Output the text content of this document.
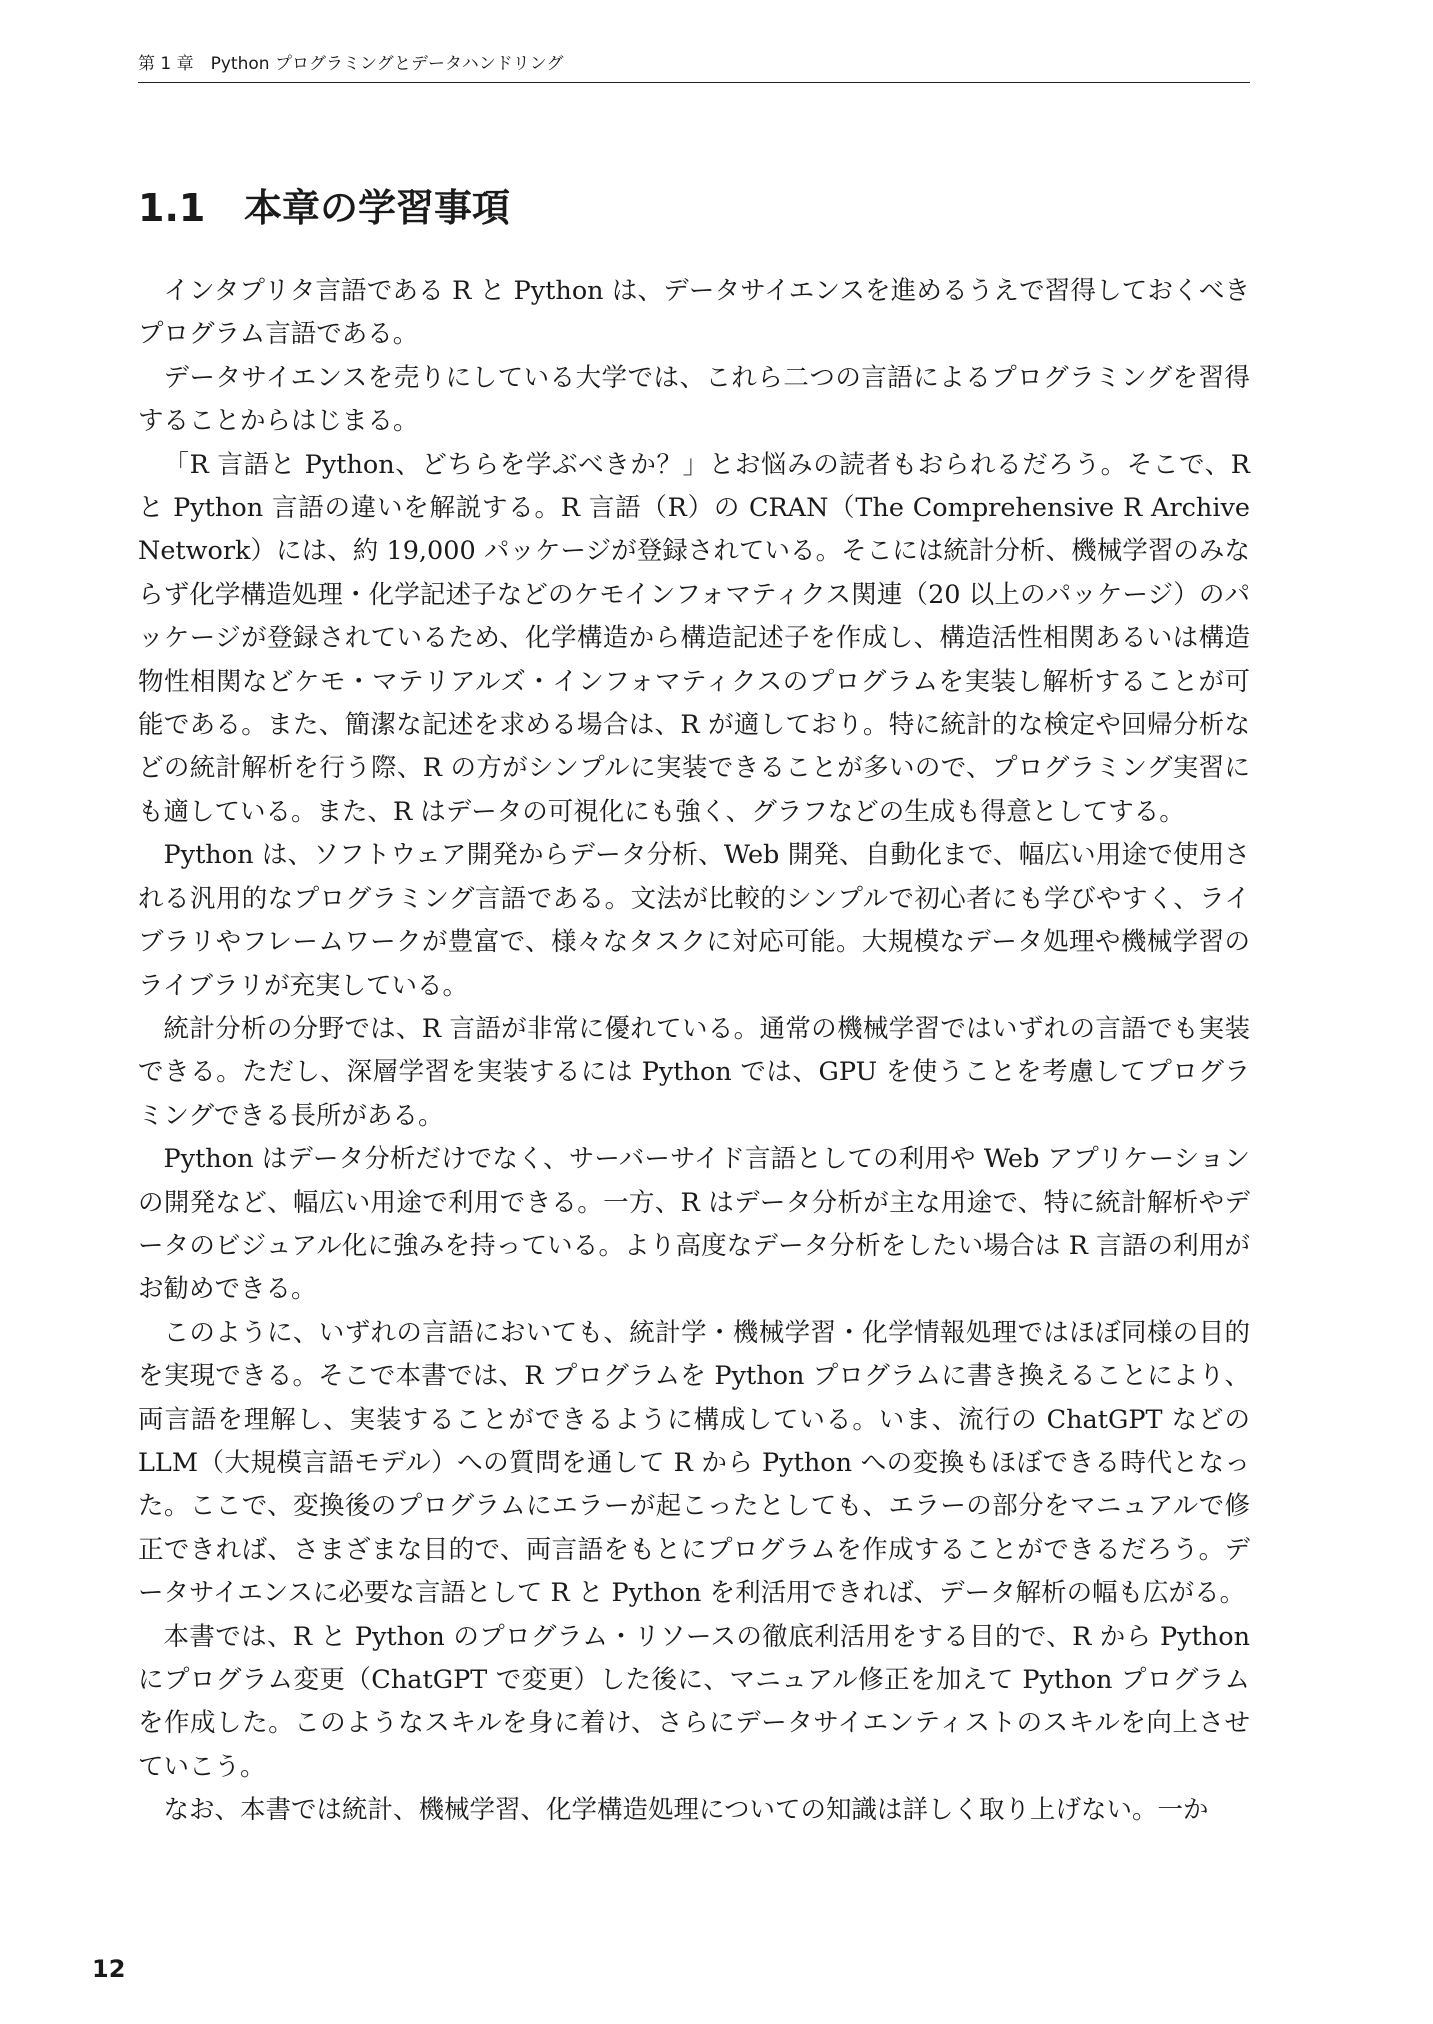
第 1 章　Python プログラミングとデータハンドリング
1.1 本章の学習事項

インタプリタ言語である R と Python は、データサイエンスを進めるうえで習得しておくべきプログラム言語である。

データサイエンスを売りにしている大学では、これら二つの言語によるプログラミングを習得することからはじまる。

「R 言語と Python、どちらを学ぶべきか？」とお悩みの読者もおられるだろう。そこで、R と Python 言語の違いを解説する。R 言語（R）の CRAN（The Comprehensive R Archive Network）には、約 19,000 パッケージが登録されている。そこには統計分析、機械学習のみならず化学構造処理・化学記述子などのケモインフォマティクス関連（20 以上のパッケージ）のパッケージが登録されているため、化学構造から構造記述子を作成し、構造活性相関あるいは構造物性相関などケモ・マテリアルズ・インフォマティクスのプログラムを実装し解析することが可能である。また、簡潔な記述を求める場合は、R が適しており。特に統計的な検定や回帰分析などの統計解析を行う際、R の方がシンプルに実装できることが多いので、プログラミング実習にも適している。また、R はデータの可視化にも強く、グラフなどの生成も得意としてする。

Python は、ソフトウェア開発からデータ分析、Web 開発、自動化まで、幅広い用途で使用される汎用的なプログラミング言語である。文法が比較的シンプルで初心者にも学びやすく、ライブラリやフレームワークが豊富で、様々なタスクに対応可能。大規模なデータ処理や機械学習のライブラリが充実している。

統計分析の分野では、R 言語が非常に優れている。通常の機械学習ではいずれの言語でも実装できる。ただし、深層学習を実装するには Python では、GPU を使うことを考慮してプログラミングできる長所がある。

Python はデータ分析だけでなく、サーバーサイド言語としての利用や Web アプリケーションの開発など、幅広い用途で利用できる。一方、R はデータ分析が主な用途で、特に統計解析やデータのビジュアル化に強みを持っている。より高度なデータ分析をしたい場合は R 言語の利用がお勧めできる。

このように、いずれの言語においても、統計学・機械学習・化学情報処理ではほぼ同様の目的を実現できる。そこで本書では、R プログラムを Python プログラムに書き換えることにより、両言語を理解し、実装することができるように構成している。いま、流行の ChatGPT などの LLM（大規模言語モデル）への質問を通して R から Python への変換もほぼできる時代となった。ここで、変換後のプログラムにエラーが起こったとしても、エラーの部分をマニュアルで修正できれば、さまざまな目的で、両言語をもとにプログラムを作成することができるだろう。データサイエンスに必要な言語として R と Python を利活用できれば、データ解析の幅も広がる。

本書では、R と Python のプログラム・リソースの徹底利活用をする目的で、R から Python にプログラム変更（ChatGPT で変更）した後に、マニュアル修正を加えて Python プログラムを作成した。このようなスキルを身に着け、さらにデータサイエンティストのスキルを向上させていこう。

なお、本書では統計、機械学習、化学構造処理についての知識は詳しく取り上げない。一か

12
